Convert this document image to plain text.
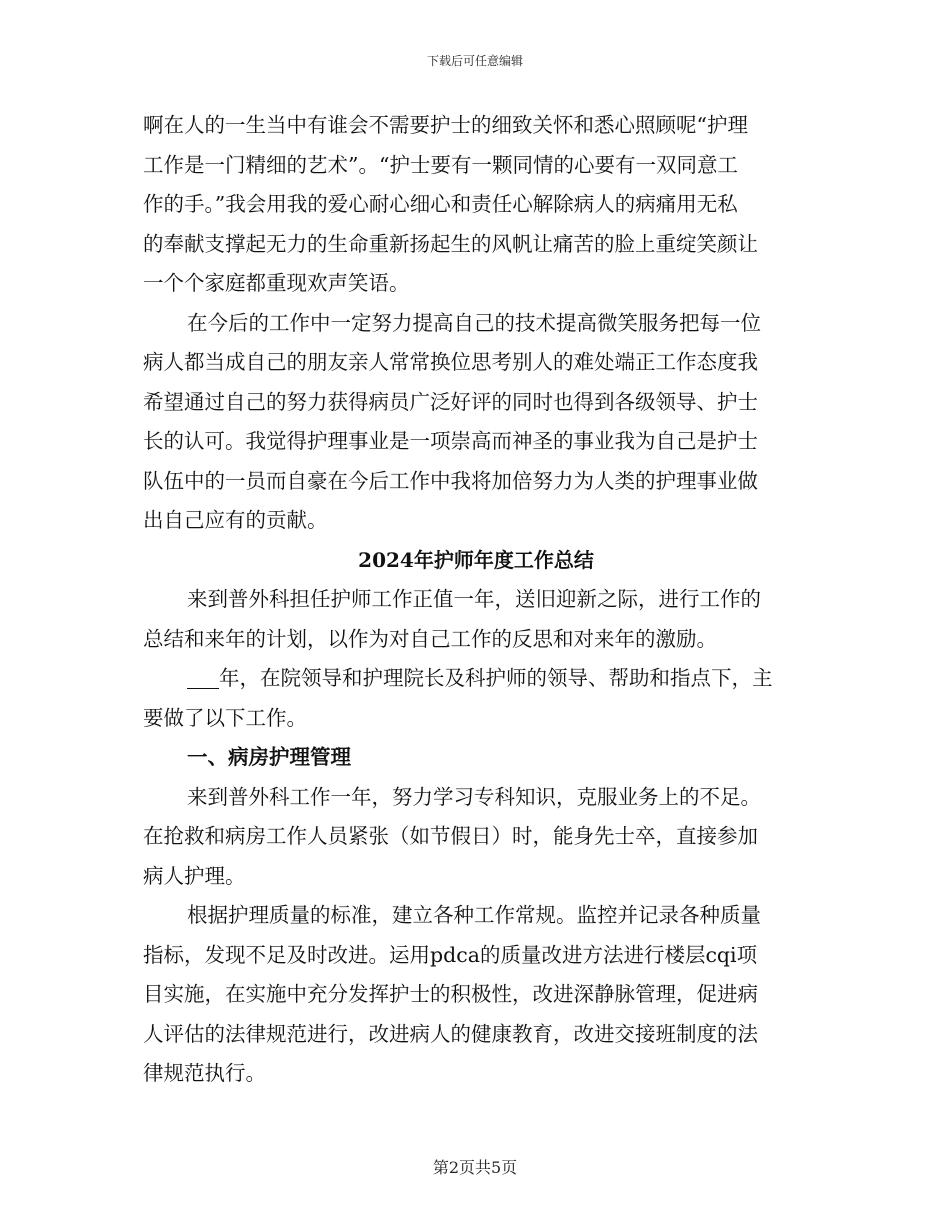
下载后可任意编辑
啊在人的一生当中有谁会不需要护士的细致关怀和悉心照顾呢“护理
工作是一门精细的艺术”。“护士要有一颗同情的心要有一双同意工
作的手。”我会用我的爱心耐心细心和责任心解除病人的病痛用无私
的奉献支撑起无力的生命重新扬起生的风帆让痛苦的脸上重绽笑颜让
一个个家庭都重现欢声笑语。
在今后的工作中一定努力提高自己的技术提高微笑服务把每一位
病人都当成自己的朋友亲人常常换位思考别人的难处端正工作态度我
希望通过自己的努力获得病员广泛好评的同时也得到各级领导、护士
长的认可。我觉得护理事业是一项崇高而神圣的事业我为自己是护士
队伍中的一员而自豪在今后工作中我将加倍努力为人类的护理事业做
出自己应有的贡献。
2024年护师年度工作总结
来到普外科担任护师工作正值一年，送旧迎新之际，进行工作的
总结和来年的计划，以作为对自己工作的反思和对来年的激励。
年，在院领导和护理院长及科护师的领导、帮助和指点下，主
要做了以下工作。
一、病房护理管理
来到普外科工作一年，努力学习专科知识，克服业务上的不足。
在抢救和病房工作人员紧张（如节假日）时，能身先士卒，直接参加
病人护理。
根据护理质量的标准，建立各种工作常规。监控并记录各种质量
指标，发现不足及时改进。运用pdca的质量改进方法进行楼层cqi项
目实施，在实施中充分发挥护士的积极性，改进深静脉管理，促进病
人评估的法律规范进行，改进病人的健康教育，改进交接班制度的法
律规范执行。
第2页共5页
